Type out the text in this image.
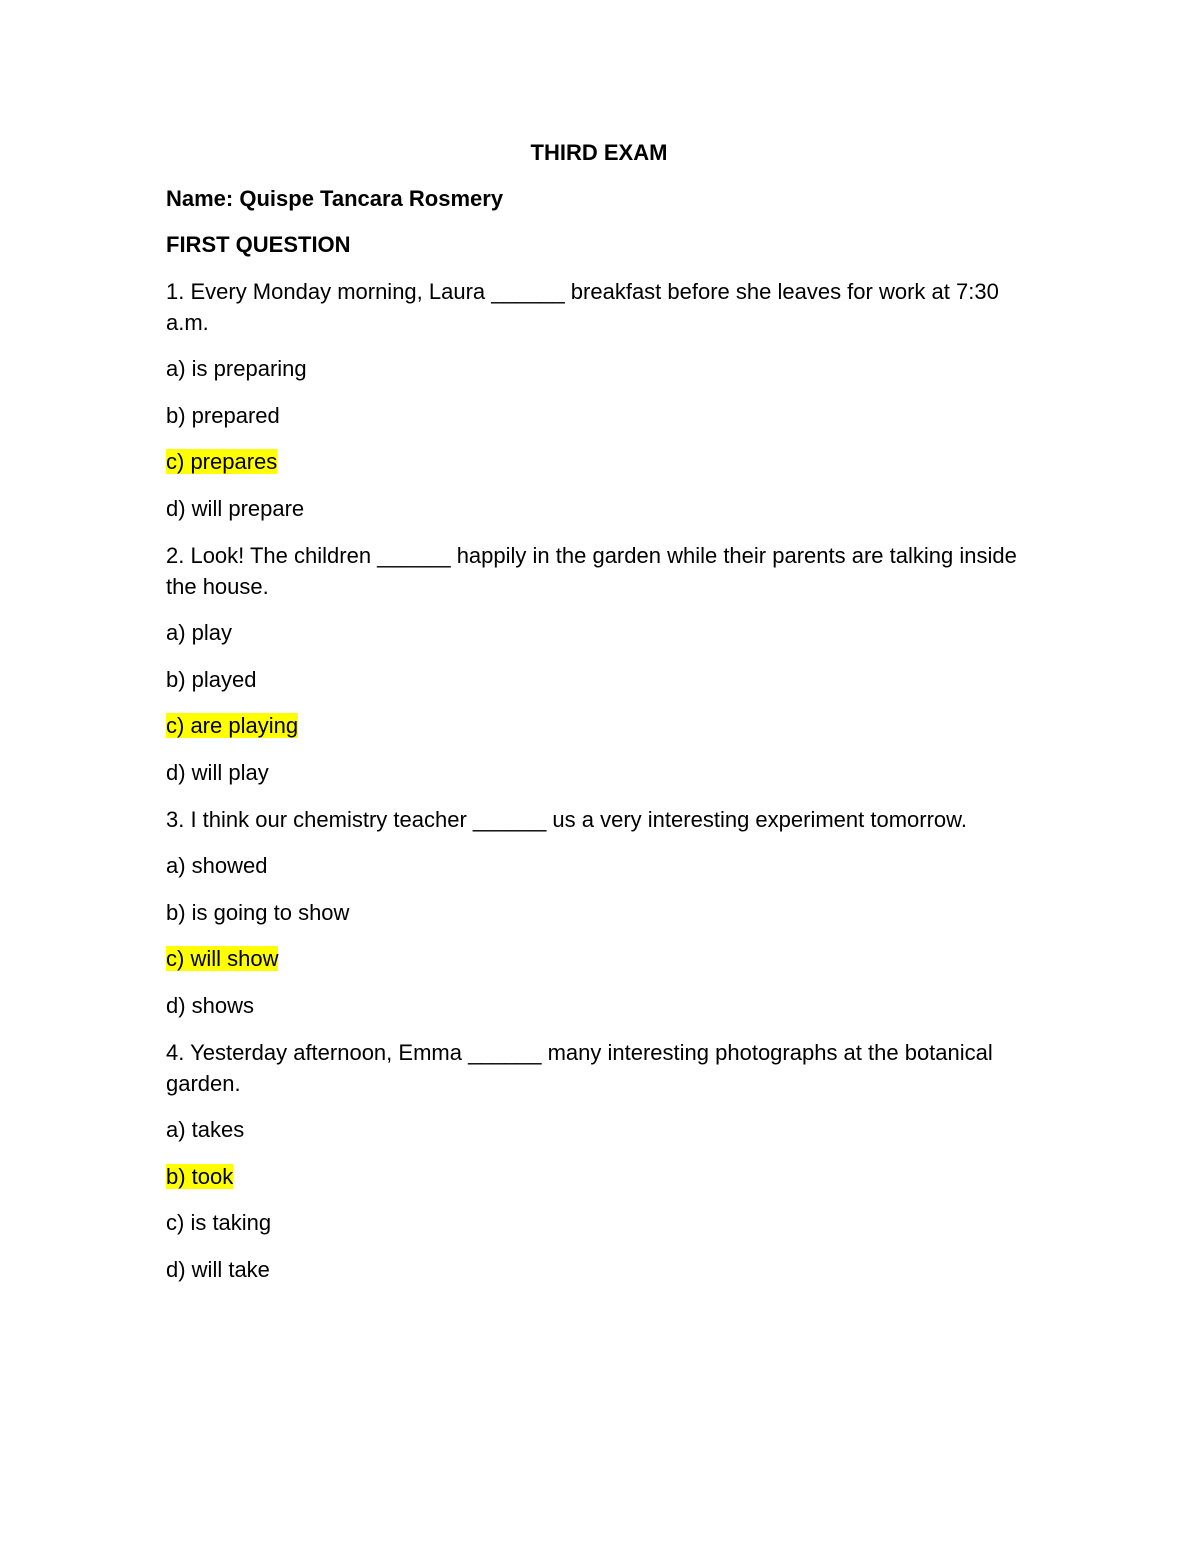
THIRD EXAM
Name: Quispe Tancara Rosmery
FIRST QUESTION
1. Every Monday morning, Laura ______ breakfast before she leaves for work at 7:30 a.m.
a) is preparing
b) prepared
c) prepares
d) will prepare
2. Look! The children ______ happily in the garden while their parents are talking inside the house.
a) play
b) played
c) are playing
d) will play
3. I think our chemistry teacher ______ us a very interesting experiment tomorrow.
a) showed
b) is going to show
c) will show
d) shows
4. Yesterday afternoon, Emma ______ many interesting photographs at the botanical garden.
a) takes
b) took
c) is taking
d) will take
